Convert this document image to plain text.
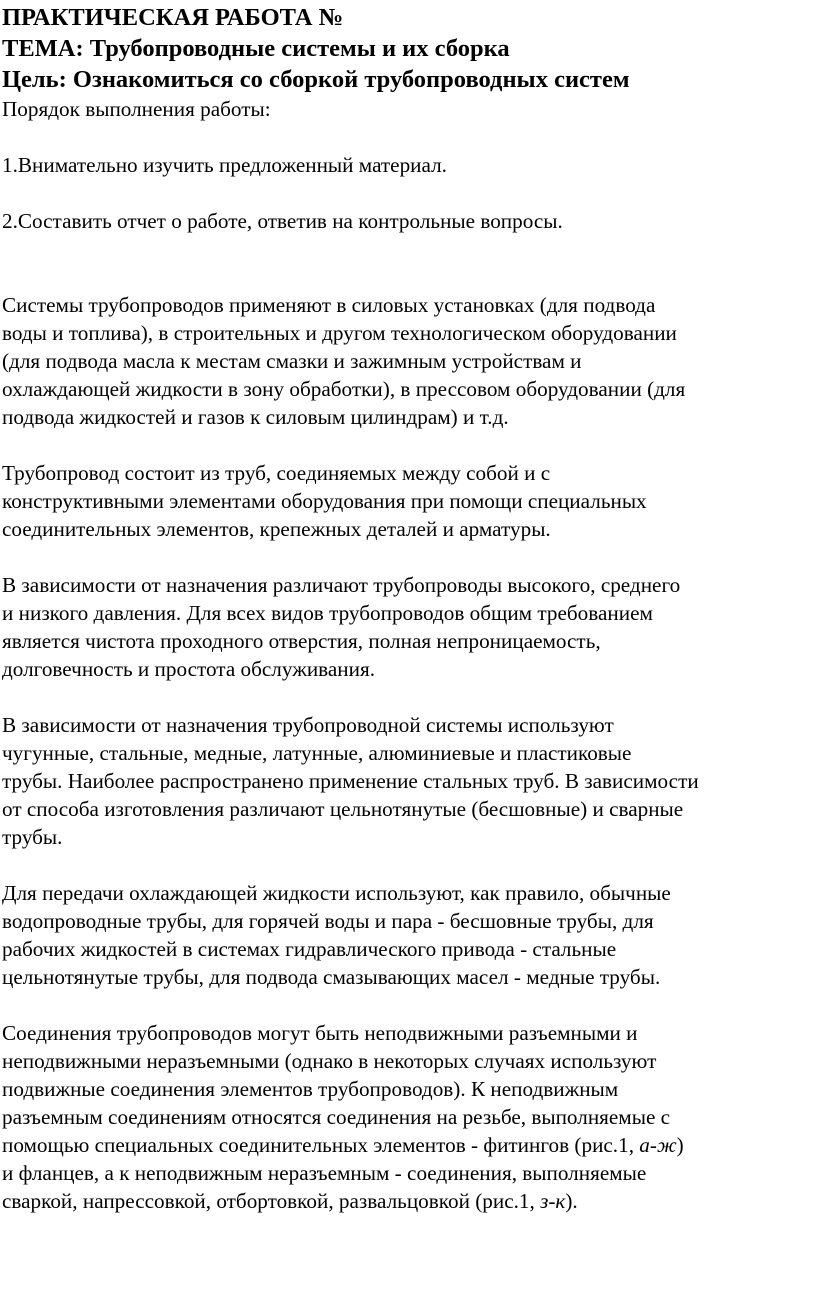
ПРАКТИЧЕСКАЯ РАБОТА №
ТЕМА: Трубопроводные системы и их сборка
Цель: Ознакомиться со сборкой трубопроводных систем
Порядок выполнения работы:
1.Внимательно изучить предложенный материал.
2.Составить отчет о работе, ответив на контрольные вопросы.
Системы трубопроводов применяют в силовых установках (для подвода
воды и топлива), в строительных и другом технологическом оборудовании
(для подвода масла к местам смазки и зажимным устройствам и
охлаждающей жидкости в зону обработки), в прессовом оборудовании (для
подвода жидкостей и газов к силовым цилиндрам) и т.д.
Трубопровод состоит из труб, соединяемых между собой и с
конструктивными элементами оборудования при помощи специальных
соединительных элементов, крепежных деталей и арматуры.
В зависимости от назначения различают трубопроводы высокого, среднего
и низкого давления. Для всех видов трубопроводов общим требованием
является чистота проходного отверстия, полная непроницаемость,
долговечность и простота обслуживания.
В зависимости от назначения трубопроводной системы используют
чугунные, стальные, медные, латунные, алюминиевые и пластиковые
трубы. Наиболее распространено применение стальных труб. В зависимости
от способа изготовления различают цельнотянутые (бесшовные) и сварные
трубы.
Для передачи охлаждающей жидкости используют, как правило, обычные
водопроводные трубы, для горячей воды и пара - бесшовные трубы, для
рабочих жидкостей в системах гидравлического привода - стальные
цельнотянутые трубы, для подвода смазывающих масел - медные трубы.
Соединения трубопроводов могут быть неподвижными разъемными и
неподвижными неразъемными (однако в некоторых случаях используют
подвижные соединения элементов трубопроводов). К неподвижным
разъемным соединениям относятся соединения на резьбе, выполняемые с
помощью специальных соединительных элементов - фитингов (рис.1, а-ж)
и фланцев, а к неподвижным неразъемным - соединения, выполняемые
сваркой, напрессовкой, отбортовкой, развальцовкой (рис.1, з-к).
